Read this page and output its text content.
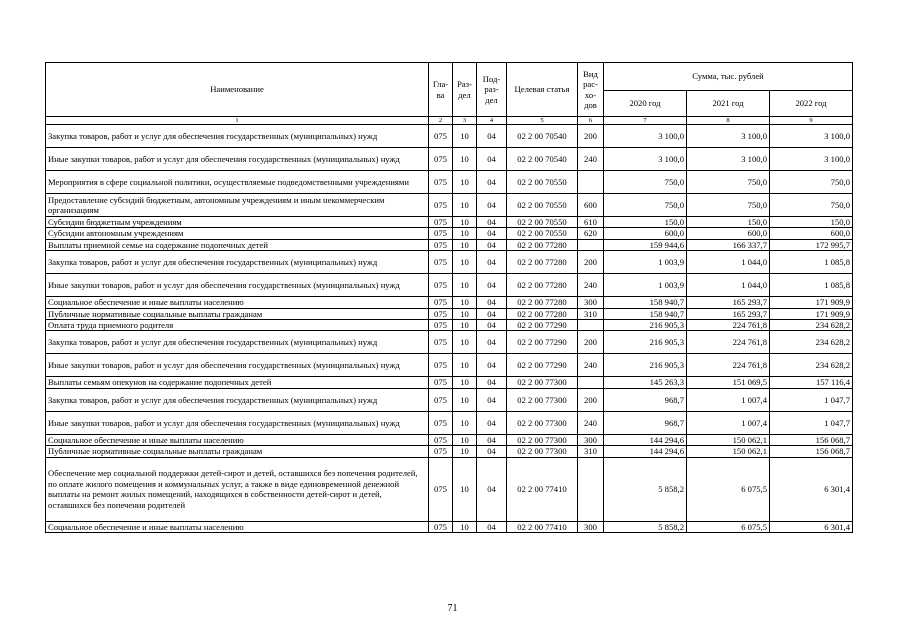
Наименование	Гла- ва	Раз- дел	Под- раз- дел	Целевая статья	Вид рас- хо- дов	Сумма, тыс. рублей		
						2020 год	2021 год	2022 год
1	2	3	4	5	6	7	8	9
Закупка товаров, работ и услуг для обеспечения государственных (муниципальных) нужд	075	10	04	02 2 00 70540	200	3 100,0	3 100,0	3 100,0
Иные закупки товаров, работ и услуг для обеспечения государственных (муниципальных) нужд	075	10	04	02 2 00 70540	240	3 100,0	3 100,0	3 100,0
Мероприятия в сфере социальной политики, осуществляемые подведомственными учреждениями	075	10	04	02 2 00 70550		750,0	750,0	750,0
Предоставление субсидий бюджетным, автономным учреждениям и иным некоммерческим организациям	075	10	04	02 2 00 70550	600	750,0	750,0	750,0
Субсидии бюджетным учреждениям	075	10	04	02 2 00 70550	610	150,0	150,0	150,0
Субсидии автономным учреждениям	075	10	04	02 2 00 70550	620	600,0	600,0	600,0
Выплаты приемной семье на содержание подопечных детей	075	10	04	02 2 00 77280		159 944,6	166 337,7	172 995,7
Закупка товаров, работ и услуг для обеспечения государственных (муниципальных) нужд	075	10	04	02 2 00 77280	200	1 003,9	1 044,0	1 085,8
Иные закупки товаров, работ и услуг для обеспечения государственных (муниципальных) нужд	075	10	04	02 2 00 77280	240	1 003,9	1 044,0	1 085,8
Социальное обеспечение и иные выплаты населению	075	10	04	02 2 00 77280	300	158 940,7	165 293,7	171 909,9
Публичные нормативные социальные выплаты гражданам	075	10	04	02 2 00 77280	310	158 940,7	165 293,7	171 909,9
Оплата труда приемного родителя	075	10	04	02 2 00 77290		216 905,3	224 761,8	234 628,2
Закупка товаров, работ и услуг для обеспечения государственных (муниципальных) нужд	075	10	04	02 2 00 77290	200	216 905,3	224 761,8	234 628,2
Иные закупки товаров, работ и услуг для обеспечения государственных (муниципальных) нужд	075	10	04	02 2 00 77290	240	216 905,3	224 761,8	234 628,2
Выплаты семьям опекунов на содержание подопечных детей	075	10	04	02 2 00 77300		145 263,3	151 069,5	157 116,4
Закупка товаров, работ и услуг для обеспечения государственных (муниципальных) нужд	075	10	04	02 2 00 77300	200	968,7	1 007,4	1 047,7
Иные закупки товаров, работ и услуг для обеспечения государственных (муниципальных) нужд	075	10	04	02 2 00 77300	240	968,7	1 007,4	1 047,7
Социальное обеспечение и иные выплаты населению	075	10	04	02 2 00 77300	300	144 294,6	150 062,1	156 068,7
Публичные нормативные социальные выплаты гражданам	075	10	04	02 2 00 77300	310	144 294,6	150 062,1	156 068,7
Обеспечение мер социальной поддержки детей-сирот и детей, оставшихся без попечения родителей, по оплате жилого помещения и коммунальных услуг, а также в виде единовременной денежной выплаты на ремонт жилых помещений, находящихся в собственности детей-сирот и детей, оставшихся без попечения родителей	075	10	04	02 2 00 77410		5 858,2	6 075,5	6 301,4
Социальное обеспечение и иные выплаты населению	075	10	04	02 2 00 77410	300	5 858,2	6 075,5	6 301,4
71
